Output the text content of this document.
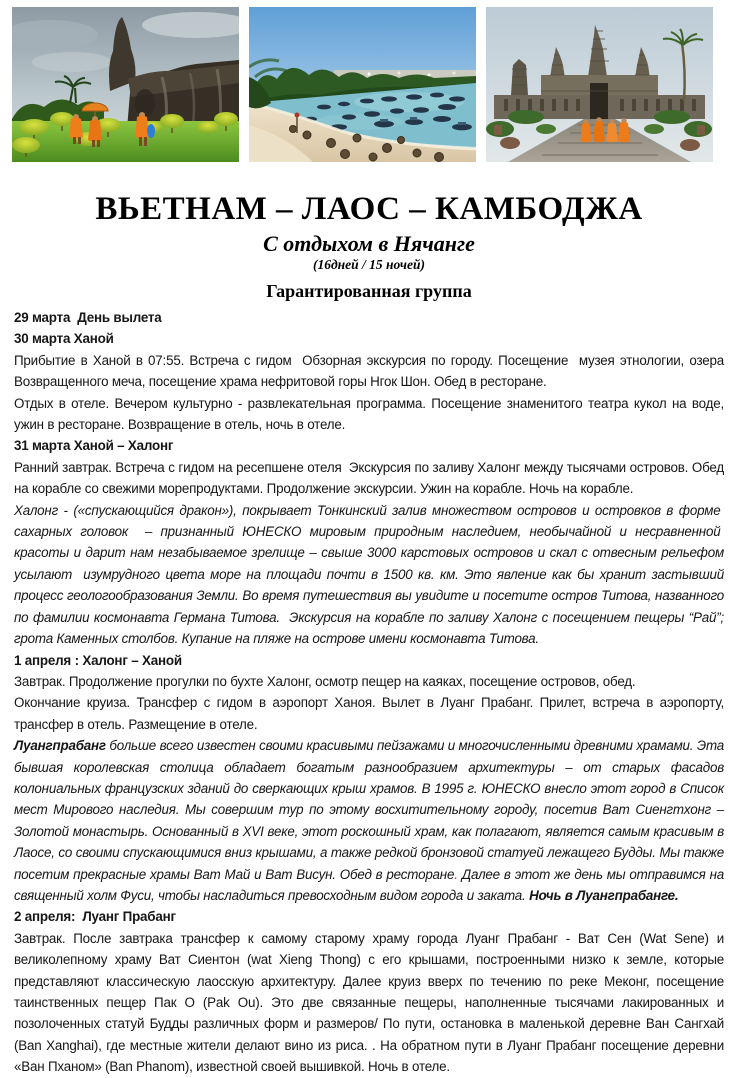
ВЬЕТНАМ – ЛАОС – КАМБОДЖА
С отдыхом в Нячанге
(16дней / 15 ночей)
Гарантированная группа

29 марта  День вылета

30 марта Ханой

Прибытие в Ханой в 07:55. Встреча с гидом  Обзорная экскурсия по городу. Посещение  музея этнологии, озера Возвращенного меча, посещение храма нефритовой горы Нгок Шон. Обед в ресторане.

Отдых в отеле. Вечером культурно - развлекательная программа. Посещение знаменитого театра кукол на воде, ужин в ресторане. Возвращение в отель, ночь в отеле.

31 марта Ханой – Халонг

Ранний завтрак. Встреча с гидом на ресепшене отеля  Экскурсия по заливу Халонг между тысячами островов. Обед на корабле со свежими морепродуктами. Продолжение экскурсии. Ужин на корабле. Ночь на корабле.

Халонг - («спускающийся дракон»), покрывает Тонкинский залив множеством островов и островков в форме  сахарных головок  – признанный ЮНЕСКО мировым природным наследием, необычайной и несравненной  красоты и дарит нам незабываемое зрелище – свыше 3000 карстовых островов и скал с отвесным рельефом усылают  изумрудного цвета море на площади почти в 1500 кв. км. Это явление как бы хранит застывший процесс геологообразования Земли. Во время путешествия вы увидите и посетите остров Титова, названного по фамилии космонавта Германа Титова.  Экскурсия на корабле по заливу Халонг с посещением пещеры “Рай”; грота Каменных столбов. Купание на пляже на острове имени космонавта Титова.

1 апреля : Халонг – Ханой

Завтрак. Продолжение прогулки по бухте Халонг, осмотр пещер на каяках, посещение островов, обед.

Окончание круиза. Трансфер с гидом в аэропорт Ханоя. Вылет в Луанг Прабанг. Прилет, встреча в аэропорту, трансфер в отель. Размещение в отеле.

Луангпрабанг больше всего известен своими красивыми пейзажами и многочисленными древними храмами. Эта бывшая королевская столица обладает богатым разнообразием архитектуры – от старых фасадов колониальных французских зданий до сверкающих крыш храмов. В 1995 г. ЮНЕСКО внесло этот город в Список мест Мирового наследия. Мы совершим тур по этому восхитительному городу, посетив Ват Сиенгтхонг – Золотой монастырь. Основанный в XVI веке, этот роскошный храм, как полагают, является самым красивым в Лаосе, со своими спускающимися вниз крышами, а также редкой бронзовой статуей лежащего Будды. Мы также посетим прекрасные храмы Ват Май и Ват Висун. Обед в ресторане. Далее в этот же день мы отправимся на священный холм Фуси, чтобы насладиться превосходным видом города и заката. Ночь в Луангпрабанге.

2 апреля:  Луанг Прабанг

Завтрак. После завтрака трансфер к самому старому храму города Луанг Прабанг - Ват Сен (Wat Sene) и великолепному храму Ват Сиентон (wat Xieng Thong) с его крышами, построенными низко к земле, которые представляют классическую лаосскую архитектуру. Далее круиз вверх по течению по реке Меконг, посещение таинственных пещер Пак О (Pak Ou). Это две связанные пещеры, наполненные тысячами лакированных и позолоченных статуй Будды различных форм и размеров/ По пути, остановка в маленькой деревне Ван Сангхай (Ban Xanghai), где местные жители делают вино из риса. . На обратном пути в Луанг Прабанг посещение деревни «Ван Пханом» (Ban Phanom), известной своей вышивкой. Ночь в отеле.
